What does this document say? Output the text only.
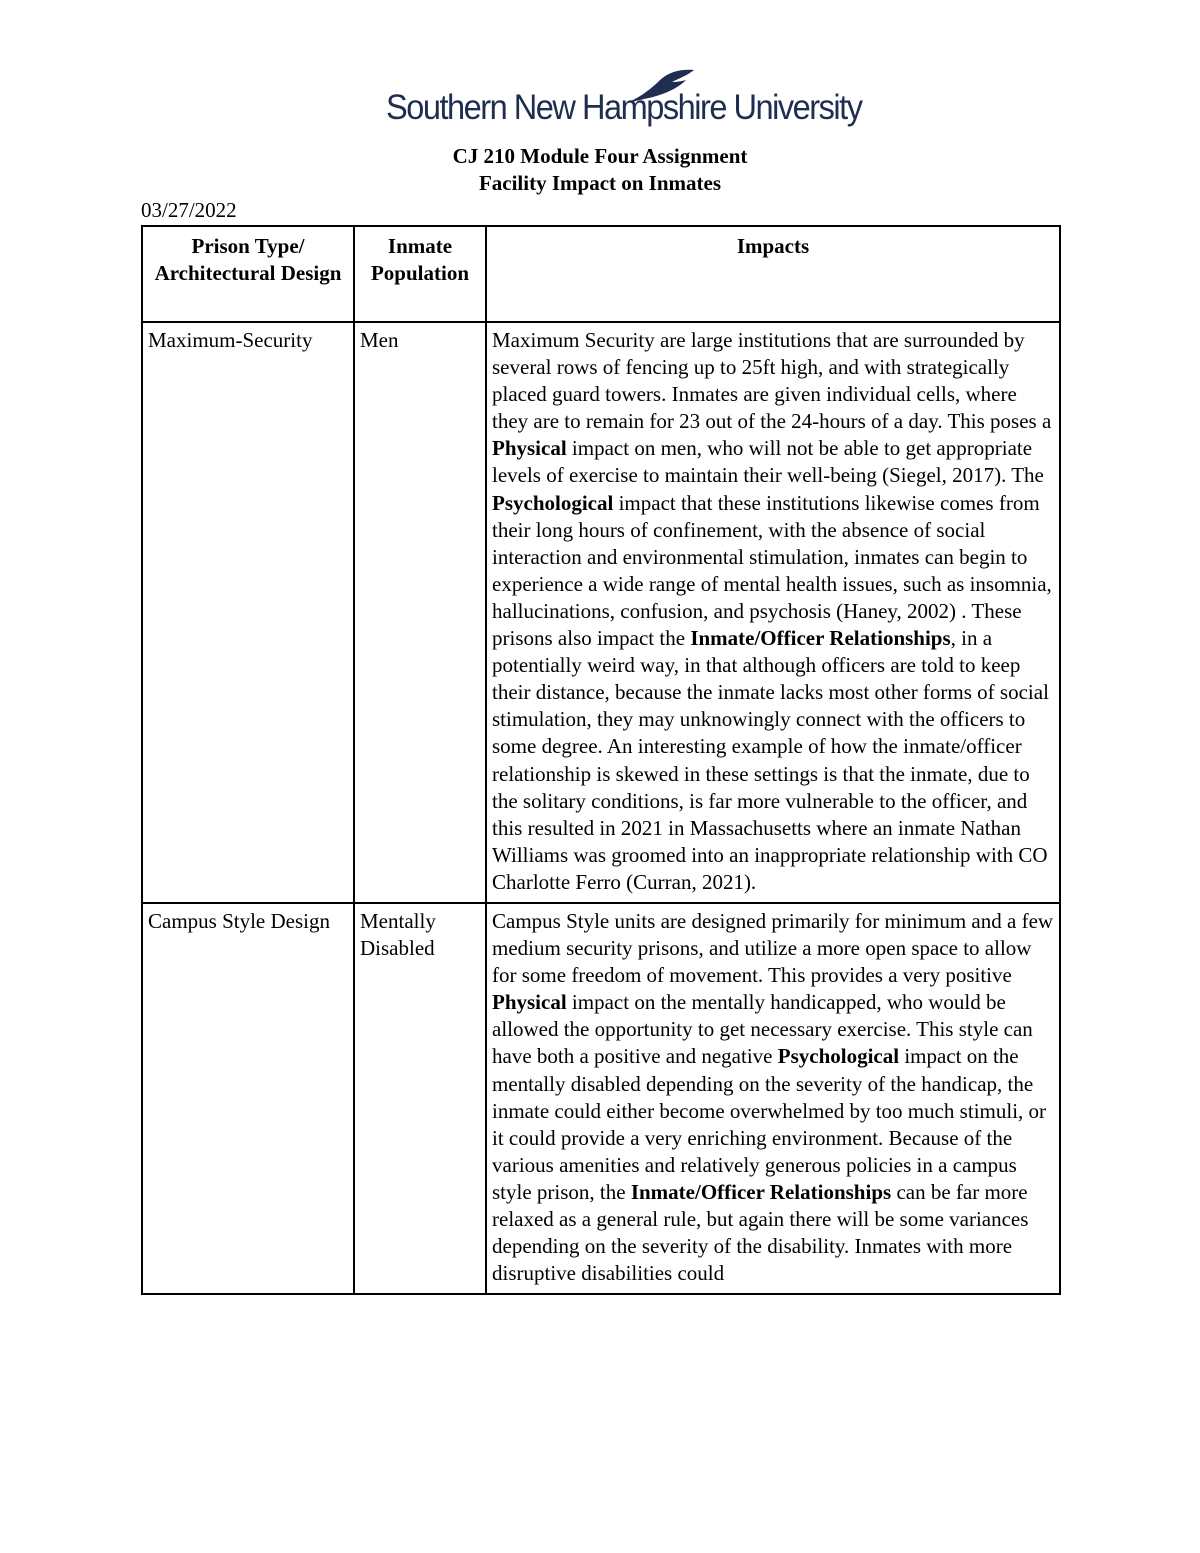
Southern New Hampshire University
CJ 210 Module Four Assignment
Facility Impact on Inmates
03/27/2022
Prison Type/ Architectural Design	Inmate Population	Impacts
Maximum-Security	Men	Maximum Security are large institutions that are surrounded by several rows of fencing up to 25ft high, and with strategically placed guard towers. Inmates are given individual cells, where they are to remain for 23 out of the 24-hours of a day. This poses a Physical impact on men, who will not be able to get appropriate levels of exercise to maintain their well-being (Siegel, 2017). The Psychological impact that these institutions likewise comes from their long hours of confinement, with the absence of social interaction and environmental stimulation, inmates can begin to experience a wide range of mental health issues, such as insomnia, hallucinations, confusion, and psychosis (Haney, 2002) . These prisons also impact the Inmate/Officer Relationships, in a potentially weird way, in that although officers are told to keep their distance, because the inmate lacks most other forms of social stimulation, they may unknowingly connect with the officers to some degree. An interesting example of how the inmate/officer relationship is skewed in these settings is that the inmate, due to the solitary conditions, is far more vulnerable to the officer, and this resulted in 2021 in Massachusetts where an inmate Nathan Williams was groomed into an inappropriate relationship with CO Charlotte Ferro (Curran, 2021).
Campus Style Design	Mentally Disabled	Campus Style units are designed primarily for minimum and a few medium security prisons, and utilize a more open space to allow for some freedom of movement. This provides a very positive Physical impact on the mentally handicapped, who would be allowed the opportunity to get necessary exercise. This style can have both a positive and negative Psychological impact on the mentally disabled depending on the severity of the handicap, the inmate could either become overwhelmed by too much stimuli, or it could provide a very enriching environment. Because of the various amenities and relatively generous policies in a campus style prison, the Inmate/Officer Relationships can be far more relaxed as a general rule, but again there will be some variances depending on the severity of the disability. Inmates with more disruptive disabilities could
